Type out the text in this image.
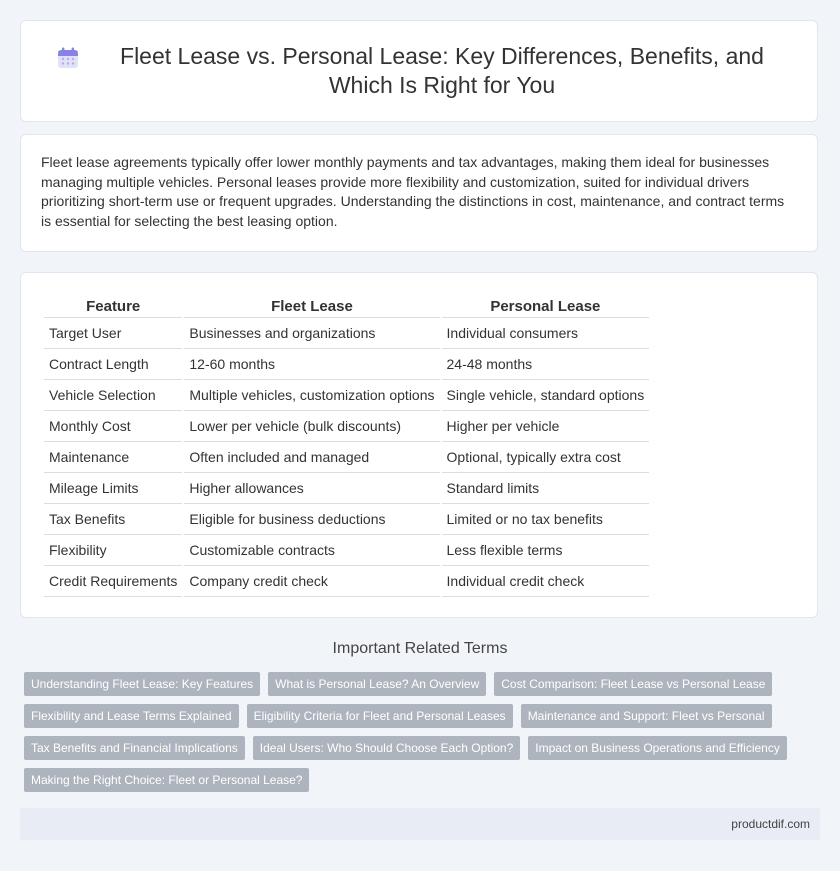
Fleet Lease vs. Personal Lease: Key Differences, Benefits, and Which Is Right for You

Fleet lease agreements typically offer lower monthly payments and tax advantages, making them ideal for businesses managing multiple vehicles. Personal leases provide more flexibility and customization, suited for individual drivers prioritizing short-term use or frequent upgrades. Understanding the distinctions in cost, maintenance, and contract terms is essential for selecting the best leasing option.

Feature	Fleet Lease	Personal Lease
Target User	Businesses and organizations	Individual consumers
Contract Length	12-60 months	24-48 months
Vehicle Selection	Multiple vehicles, customization options	Single vehicle, standard options
Monthly Cost	Lower per vehicle (bulk discounts)	Higher per vehicle
Maintenance	Often included and managed	Optional, typically extra cost
Mileage Limits	Higher allowances	Standard limits
Tax Benefits	Eligible for business deductions	Limited or no tax benefits
Flexibility	Customizable contracts	Less flexible terms
Credit Requirements	Company credit check	Individual credit check
Important Related Terms
Understanding Fleet Lease: Key Features	What is Personal Lease? An Overview	Cost Comparison: Fleet Lease vs Personal Lease
Flexibility and Lease Terms Explained	Eligibility Criteria for Fleet and Personal Leases	Maintenance and Support: Fleet vs Personal
Tax Benefits and Financial Implications	Ideal Users: Who Should Choose Each Option?	Impact on Business Operations and Efficiency
Making the Right Choice: Fleet or Personal Lease?
productdif.com
